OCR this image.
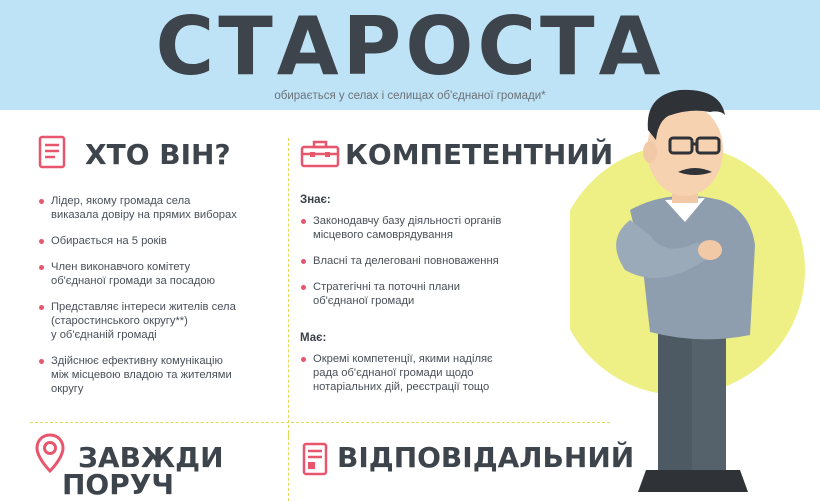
СТАРОСТА

обирається у селах і селищах об'єднаної громади*

ХТО ВІН?
Лідер, якому громада села
виказала довіру на прямих виборах
Обирається на 5 років
Член виконавчого комітету
об'єднаної громади за посадою
Представляє інтереси жителів села
(старостинського округу**)
у об'єднаній громаді
Здійснює ефективну комунікацію
між місцевою владою та жителями
округу
КОМПЕТЕНТНИЙ

Знає:

Законодавчу базу діяльності органів
місцевого самоврядування
Власні та делеговані повноваження
Стратегічні та поточні плани
об'єднаної громади

Має:

Окремі компетенції, якими наділяє
рада об'єднаної громади щодо
нотаріальних дій, реєстрації тощо
ЗАВЖДИ
ПОРУЧ
ВІДПОВІДАЛЬНИЙ
